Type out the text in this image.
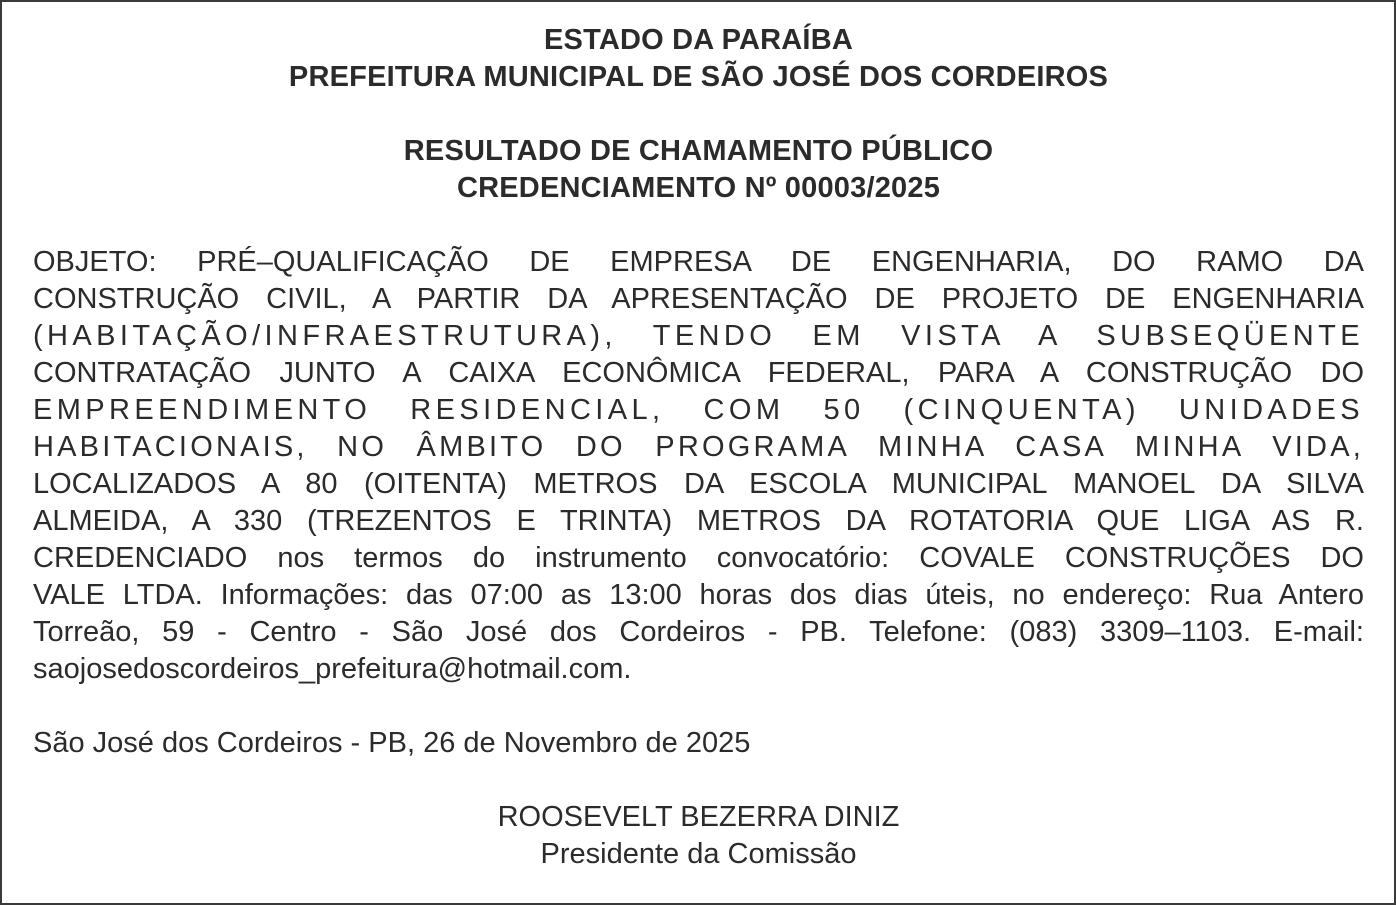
ESTADO DA PARAÍBA
PREFEITURA MUNICIPAL DE SÃO JOSÉ DOS CORDEIROS
RESULTADO DE CHAMAMENTO PÚBLICO
CREDENCIAMENTO Nº 00003/2025
OBJETO: PRÉ–QUALIFICAÇÃO DE EMPRESA DE ENGENHARIA, DO RAMO DA
CONSTRUÇÃO CIVIL, A PARTIR DA APRESENTAÇÃO DE PROJETO DE ENGENHARIA
(HABITAÇÃO/INFRAESTRUTURA), TENDO EM VISTA A SUBSEQÜENTE
CONTRATAÇÃO JUNTO A CAIXA ECONÔMICA FEDERAL, PARA A CONSTRUÇÃO DO
EMPREENDIMENTO RESIDENCIAL, COM 50 (CINQUENTA) UNIDADES
HABITACIONAIS, NO ÂMBITO DO PROGRAMA MINHA CASA MINHA VIDA,
LOCALIZADOS A 80 (OITENTA) METROS DA ESCOLA MUNICIPAL MANOEL DA SILVA
ALMEIDA, A 330 (TREZENTOS E TRINTA) METROS DA ROTATORIA QUE LIGA AS R.
CREDENCIADO nos termos do instrumento convocatório: COVALE CONSTRUÇÕES DO
VALE LTDA. Informações: das 07:00 as 13:00 horas dos dias úteis, no endereço: Rua Antero
Torreão, 59 - Centro - São José dos Cordeiros - PB. Telefone: (083) 3309–1103. E-mail:
saojosedoscordeiros_prefeitura@hotmail.com.
São José dos Cordeiros - PB, 26 de Novembro de 2025
ROOSEVELT BEZERRA DINIZ
Presidente da Comissão
